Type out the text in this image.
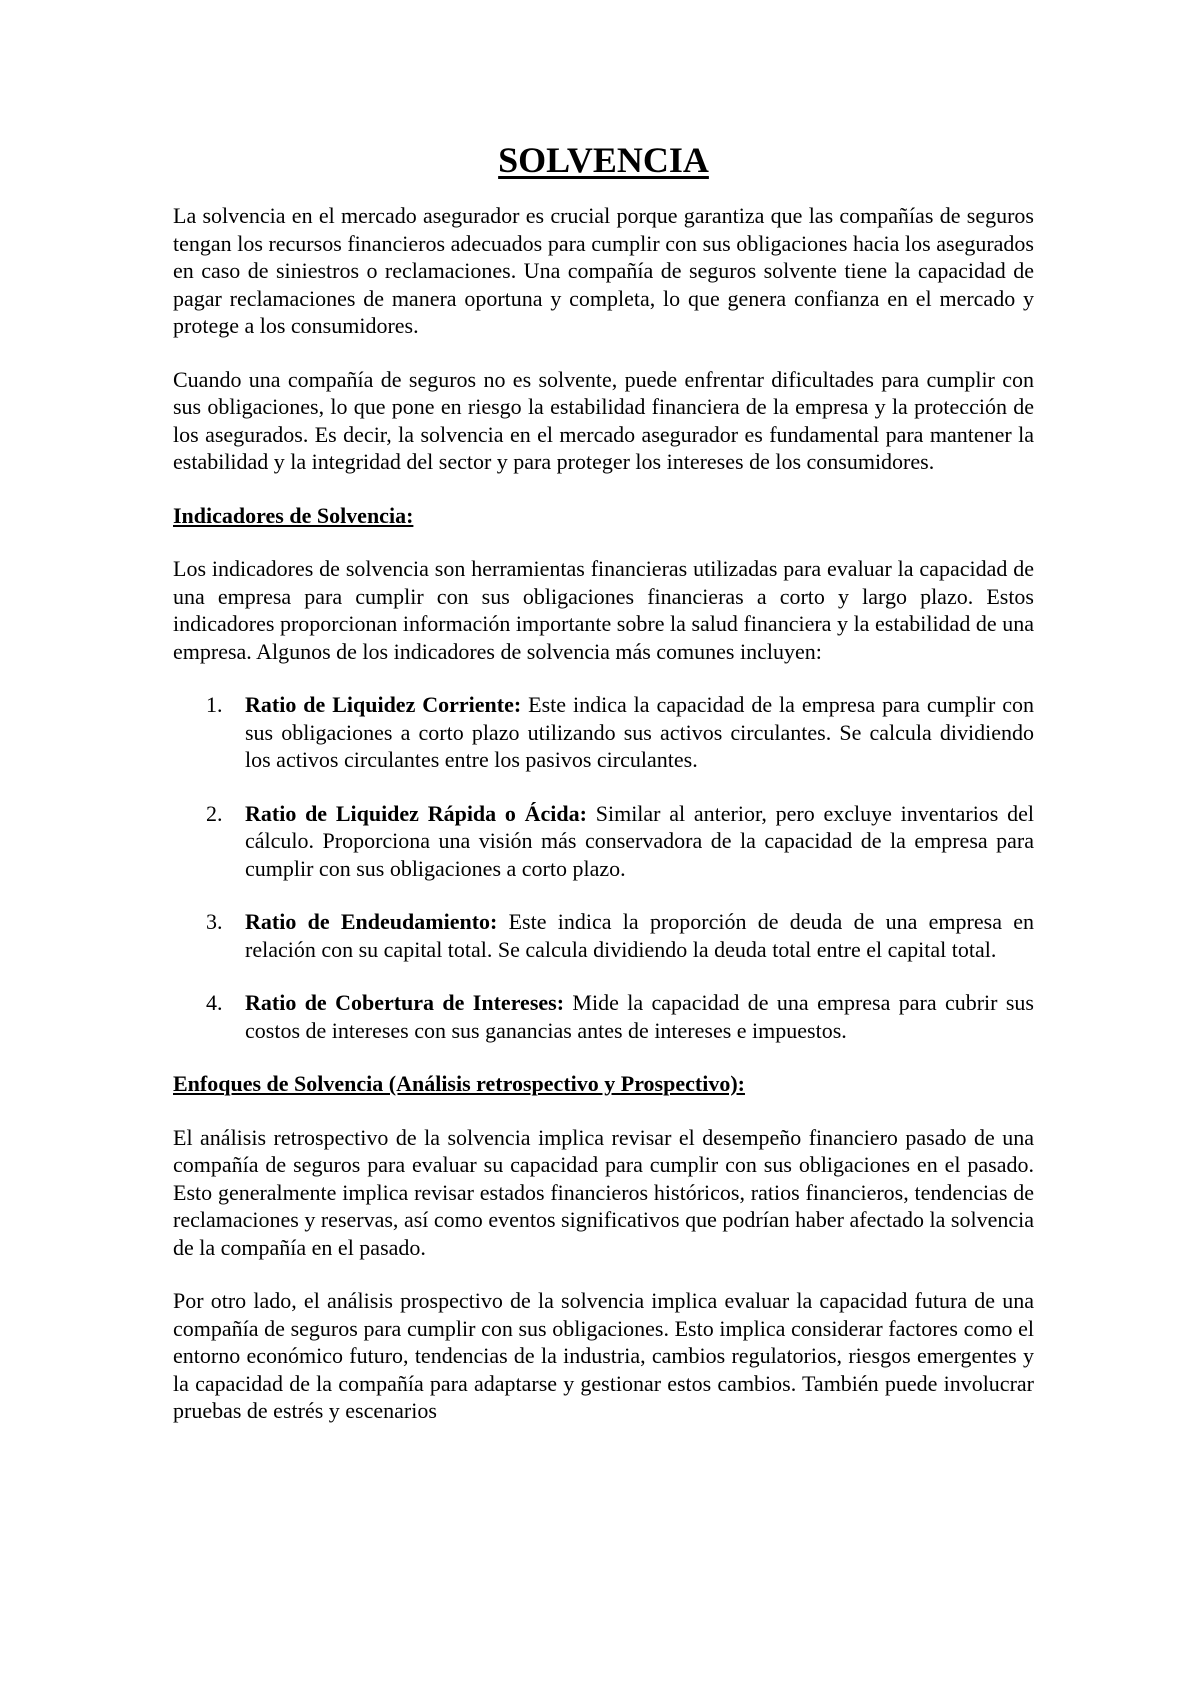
SOLVENCIA

La solvencia en el mercado asegurador es crucial porque garantiza que las compañías de seguros tengan los recursos financieros adecuados para cumplir con sus obligaciones hacia los asegurados en caso de siniestros o reclamaciones. Una compañía de seguros solvente tiene la capacidad de pagar reclamaciones de manera oportuna y completa, lo que genera confianza en el mercado y protege a los consumidores.

Cuando una compañía de seguros no es solvente, puede enfrentar dificultades para cumplir con sus obligaciones, lo que pone en riesgo la estabilidad financiera de la empresa y la protección de los asegurados. Es decir, la solvencia en el mercado asegurador es fundamental para mantener la estabilidad y la integridad del sector y para proteger los intereses de los consumidores.

Indicadores de Solvencia:

Los indicadores de solvencia son herramientas financieras utilizadas para evaluar la capacidad de una empresa para cumplir con sus obligaciones financieras a corto y largo plazo. Estos indicadores proporcionan información importante sobre la salud financiera y la estabilidad de una empresa. Algunos de los indicadores de solvencia más comunes incluyen:

1. Ratio de Liquidez Corriente: Este indica la capacidad de la empresa para cumplir con sus obligaciones a corto plazo utilizando sus activos circulantes. Se calcula dividiendo los activos circulantes entre los pasivos circulantes.
2. Ratio de Liquidez Rápida o Ácida: Similar al anterior, pero excluye inventarios del cálculo. Proporciona una visión más conservadora de la capacidad de la empresa para cumplir con sus obligaciones a corto plazo.
3. Ratio de Endeudamiento: Este indica la proporción de deuda de una empresa en relación con su capital total. Se calcula dividiendo la deuda total entre el capital total.
4. Ratio de Cobertura de Intereses: Mide la capacidad de una empresa para cubrir sus costos de intereses con sus ganancias antes de intereses e impuestos.
Enfoques de Solvencia (Análisis retrospectivo y Prospectivo):

El análisis retrospectivo de la solvencia implica revisar el desempeño financiero pasado de una compañía de seguros para evaluar su capacidad para cumplir con sus obligaciones en el pasado. Esto generalmente implica revisar estados financieros históricos, ratios financieros, tendencias de reclamaciones y reservas, así como eventos significativos que podrían haber afectado la solvencia de la compañía en el pasado.

Por otro lado, el análisis prospectivo de la solvencia implica evaluar la capacidad futura de una compañía de seguros para cumplir con sus obligaciones. Esto implica considerar factores como el entorno económico futuro, tendencias de la industria, cambios regulatorios, riesgos emergentes y la capacidad de la compañía para adaptarse y gestionar estos cambios. También puede involucrar pruebas de estrés y escenarios
